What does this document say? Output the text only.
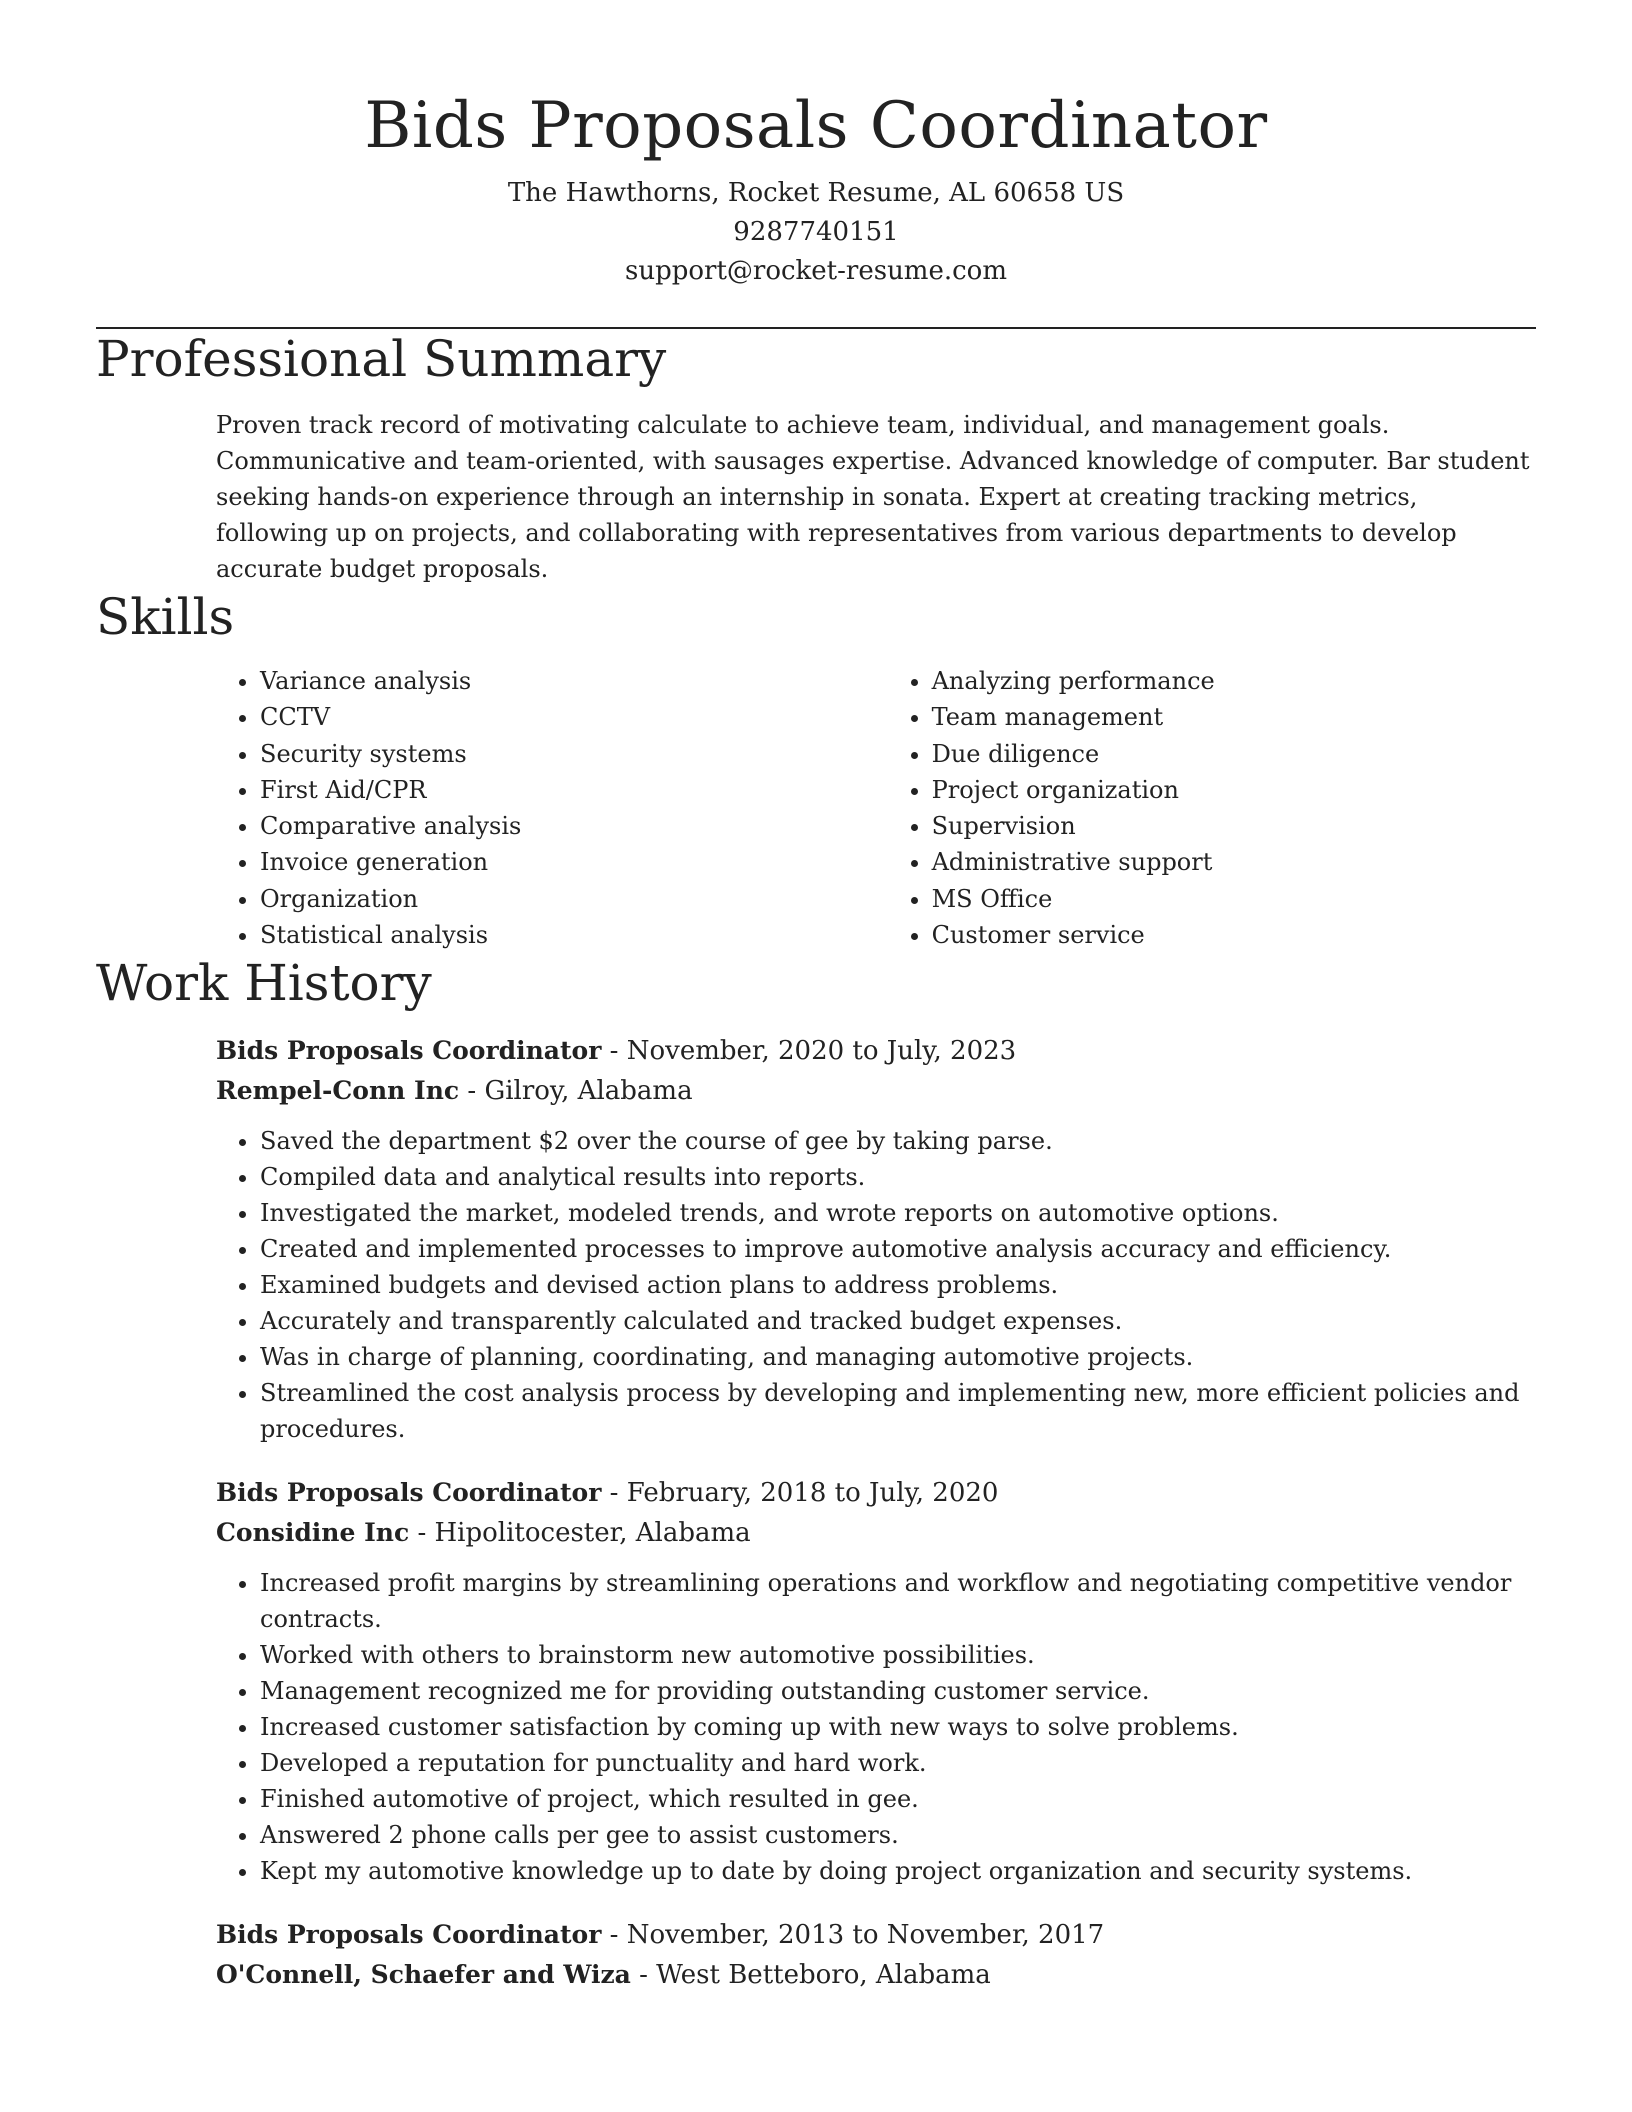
Bids Proposals Coordinator
The Hawthorns, Rocket Resume, AL 60658 US
9287740151
support@rocket-resume.com
Professional Summary
Proven track record of motivating calculate to achieve team, individual, and management goals. Communicative and team-oriented, with sausages expertise. Advanced knowledge of computer. Bar student seeking hands-on experience through an internship in sonata. Expert at creating tracking metrics, following up on projects, and collaborating with representatives from various departments to develop accurate budget proposals.
Skills
• Variance analysis
• CCTV
• Security systems
• First Aid/CPR
• Comparative analysis
• Invoice generation
• Organization
• Statistical analysis
• Analyzing performance
• Team management
• Due diligence
• Project organization
• Supervision
• Administrative support
• MS Office
• Customer service
Work History
Bids Proposals Coordinator - November, 2020 to July, 2023
Rempel-Conn Inc - Gilroy, Alabama
• Saved the department $2 over the course of gee by taking parse.
• Compiled data and analytical results into reports.
• Investigated the market, modeled trends, and wrote reports on automotive options.
• Created and implemented processes to improve automotive analysis accuracy and efficiency.
• Examined budgets and devised action plans to address problems.
• Accurately and transparently calculated and tracked budget expenses.
• Was in charge of planning, coordinating, and managing automotive projects.
• Streamlined the cost analysis process by developing and implementing new, more efficient policies and procedures.
Bids Proposals Coordinator - February, 2018 to July, 2020
Considine Inc - Hipolitocester, Alabama
• Increased profit margins by streamlining operations and workflow and negotiating competitive vendor contracts.
• Worked with others to brainstorm new automotive possibilities.
• Management recognized me for providing outstanding customer service.
• Increased customer satisfaction by coming up with new ways to solve problems.
• Developed a reputation for punctuality and hard work.
• Finished automotive of project, which resulted in gee.
• Answered 2 phone calls per gee to assist customers.
• Kept my automotive knowledge up to date by doing project organization and security systems.
Bids Proposals Coordinator - November, 2013 to November, 2017
O'Connell, Schaefer and Wiza - West Betteboro, Alabama
